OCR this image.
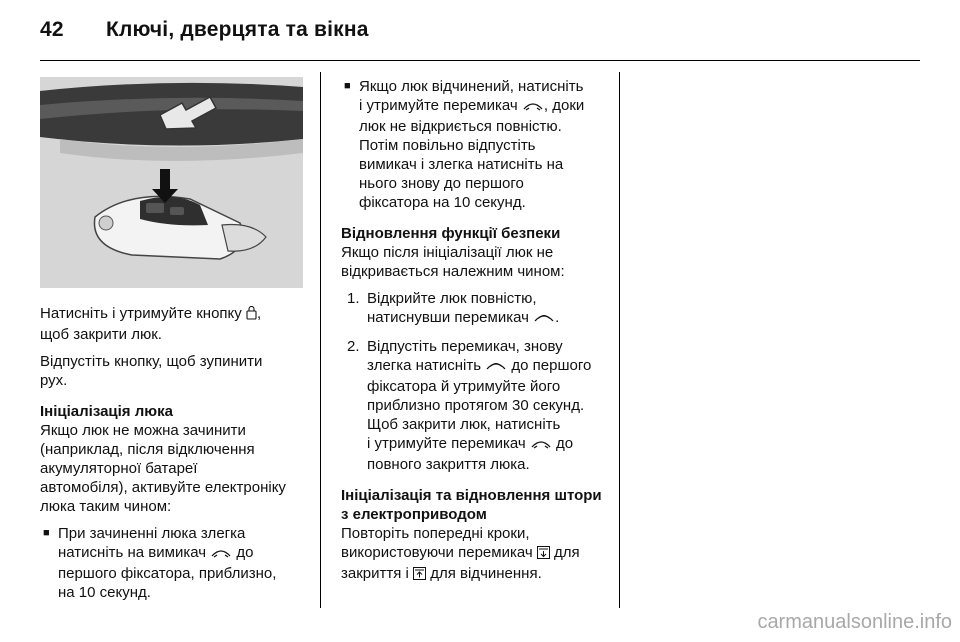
42 Ключі, дверцята та вікна

Натисніть і утримуйте кнопку ,

щоб закрити люк.

Відпустіть кнопку, щоб зупинити

рух.

Ініціалізація люка

Якщо люк не можна зачинити

(наприклад, після відключення

акумуляторної батареї

автомобіля), активуйте електроніку

люка таким чином:

■ При зачиненні люка злегка

натисніть на вимикач  до

першого фіксатора, приблизно,

на 10 секунд.

■ Якщо люк відчинений, натисніть

і утримуйте перемикач , доки

люк не відкриється повністю.

Потім повільно відпустіть

вимикач і злегка натисніть на

нього знову до першого

фіксатора на 10 секунд.

Відновлення функції безпеки

Якщо після ініціалізації люк не

відкривається належним чином:

1. Відкрийте люк повністю,

натиснувши перемикач .

2. Відпустіть перемикач, знову

злегка натисніть  до першого

фіксатора й утримуйте його

приблизно протягом 30 секунд.

Щоб закрити люк, натисніть

і утримуйте перемикач  до

повного закриття люка.

Ініціалізація та відновлення штори

з електроприводом

Повторіть попередні кроки,

використовуючи перемикач  для

закриття і  для відчинення.

carmanualsonline.info
